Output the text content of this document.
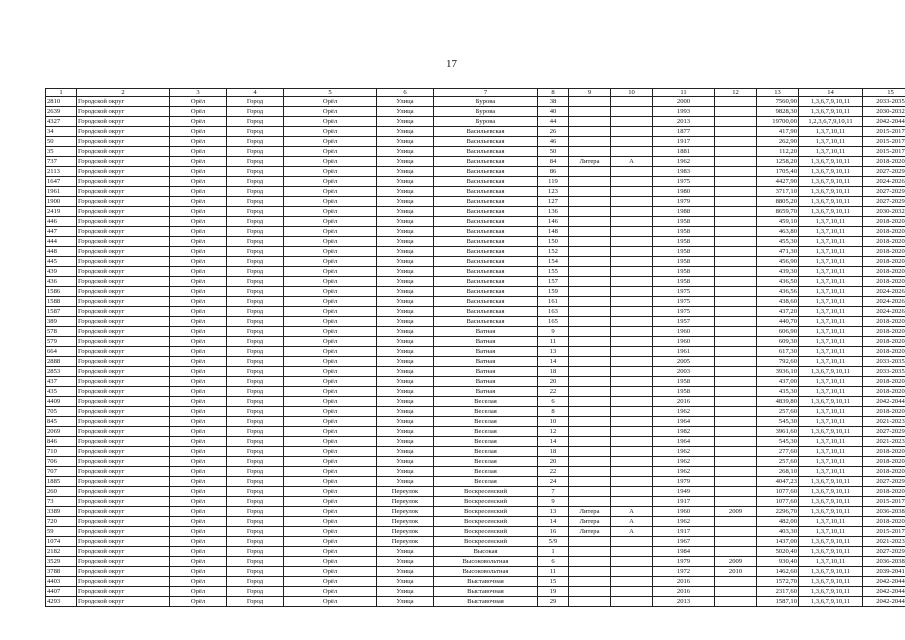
17
1	2	3	4	5	6	7	8	9	10	11	12	13	14	15
2810	Городской округ	Орёл	Город	Орёл	Улица	Бурова	38			2000		7560,90	1,3,6,7,9,10,11	2033-2035
2639	Городской округ	Орёл	Город	Орёл	Улица	Бурова	40			1993		9828,30	1,3,6,7,9,10,11	2030-2032
4327	Городской округ	Орёл	Город	Орёл	Улица	Бурова	44			2013		19700,00	1,2,3,6,7,9,10,11	2042-2044
34	Городской округ	Орёл	Город	Орёл	Улица	Васильевская	26			1877		417,90	1,3,7,10,11	2015-2017
50	Городской округ	Орёл	Город	Орёл	Улица	Васильевская	46			1917		262,90	1,3,7,10,11	2015-2017
35	Городской округ	Орёл	Город	Орёл	Улица	Васильевская	50			1881		112,20	1,3,7,10,11	2015-2017
737	Городской округ	Орёл	Город	Орёл	Улица	Васильевская	84	Литера	А	1962		1258,20	1,3,6,7,9,10,11	2018-2020
2113	Городской округ	Орёл	Город	Орёл	Улица	Васильевская	86			1983		1705,40	1,3,6,7,9,10,11	2027-2029
1647	Городской округ	Орёл	Город	Орёл	Улица	Васильевская	119			1975		4427,90	1,3,6,7,9,10,11	2024-2026
1961	Городской округ	Орёл	Город	Орёл	Улица	Васильевская	123			1980		3717,10	1,3,6,7,9,10,11	2027-2029
1900	Городской округ	Орёл	Город	Орёл	Улица	Васильевская	127			1979		8805,20	1,3,6,7,9,10,11	2027-2029
2419	Городской округ	Орёл	Город	Орёл	Улица	Васильевская	136			1988		8659,70	1,3,6,7,9,10,11	2030-2032
446	Городской округ	Орёл	Город	Орёл	Улица	Васильевская	146			1958		459,10	1,3,7,10,11	2018-2020
447	Городской округ	Орёл	Город	Орёл	Улица	Васильевская	148			1958		463,80	1,3,7,10,11	2018-2020
444	Городской округ	Орёл	Город	Орёл	Улица	Васильевская	150			1958		455,30	1,3,7,10,11	2018-2020
448	Городской округ	Орёл	Город	Орёл	Улица	Васильевская	152			1958		471,30	1,3,7,10,11	2018-2020
445	Городской округ	Орёл	Город	Орёл	Улица	Васильевская	154			1958		456,90	1,3,7,10,11	2018-2020
439	Городской округ	Орёл	Город	Орёл	Улица	Васильевская	155			1958		439,30	1,3,7,10,11	2018-2020
436	Городской округ	Орёл	Город	Орёл	Улица	Васильевская	157			1958		436,50	1,3,7,10,11	2018-2020
1586	Городской округ	Орёл	Город	Орёл	Улица	Васильевская	159			1975		436,56	1,3,7,10,11	2024-2026
1588	Городской округ	Орёл	Город	Орёл	Улица	Васильевская	161			1975		438,60	1,3,7,10,11	2024-2026
1587	Городской округ	Орёл	Город	Орёл	Улица	Васильевская	163			1975		437,20	1,3,7,10,11	2024-2026
389	Городской округ	Орёл	Город	Орёл	Улица	Васильевская	165			1957		440,70	1,3,7,10,11	2018-2020
578	Городской округ	Орёл	Город	Орёл	Улица	Ватная	9			1960		606,90	1,3,7,10,11	2018-2020
579	Городской округ	Орёл	Город	Орёл	Улица	Ватная	11			1960		609,30	1,3,7,10,11	2018-2020
664	Городской округ	Орёл	Город	Орёл	Улица	Ватная	13			1961		617,30	1,3,7,10,11	2018-2020
2888	Городской округ	Орёл	Город	Орёл	Улица	Ватная	14			2005		792,60	1,3,7,10,11	2033-2035
2853	Городской округ	Орёл	Город	Орёл	Улица	Ватная	18			2003		3936,10	1,3,6,7,9,10,11	2033-2035
437	Городской округ	Орёл	Город	Орёл	Улица	Ватная	20			1958		437,00	1,3,7,10,11	2018-2020
435	Городской округ	Орёл	Город	Орёл	Улица	Ватная	22			1958		435,30	1,3,7,10,11	2018-2020
4409	Городской округ	Орёл	Город	Орёл	Улица	Веселая	6			2016		4839,80	1,3,6,7,9,10,11	2042-2044
705	Городской округ	Орёл	Город	Орёл	Улица	Веселая	8			1962		257,60	1,3,7,10,11	2018-2020
845	Городской округ	Орёл	Город	Орёл	Улица	Веселая	10			1964		545,30	1,3,7,10,11	2021-2023
2069	Городской округ	Орёл	Город	Орёл	Улица	Веселая	12			1982		3961,60	1,3,6,7,9,10,11	2027-2029
846	Городской округ	Орёл	Город	Орёл	Улица	Веселая	14			1964		545,30	1,3,7,10,11	2021-2023
710	Городской округ	Орёл	Город	Орёл	Улица	Веселая	18			1962		277,60	1,3,7,10,11	2018-2020
706	Городской округ	Орёл	Город	Орёл	Улица	Веселая	20			1962		257,60	1,3,7,10,11	2018-2020
707	Городской округ	Орёл	Город	Орёл	Улица	Веселая	22			1962		268,10	1,3,7,10,11	2018-2020
1885	Городской округ	Орёл	Город	Орёл	Улица	Веселая	24			1979		4047,23	1,3,6,7,9,10,11	2027-2029
260	Городской округ	Орёл	Город	Орёл	Переулок	Воскресенский	7			1949		1077,60	1,3,6,7,9,10,11	2018-2020
73	Городской округ	Орёл	Город	Орёл	Переулок	Воскресенский	9			1917		1077,60	1,3,6,7,9,10,11	2015-2017
3389	Городской округ	Орёл	Город	Орёл	Переулок	Воскресенский	13	Литера	А	1960	2009	2296,70	1,3,6,7,9,10,11	2036-2038
720	Городской округ	Орёл	Город	Орёл	Переулок	Воскресенский	14	Литера	А	1962		482,00	1,3,7,10,11	2018-2020
59	Городской округ	Орёл	Город	Орёл	Переулок	Воскресенский	16	Литера	А	1917		403,30	1,3,7,10,11	2015-2017
1074	Городской округ	Орёл	Город	Орёл	Переулок	Воскресенский	5/9			1967		1437,00	1,3,6,7,9,10,11	2021-2023
2182	Городской округ	Орёл	Город	Орёл	Улица	Высокая	1			1984		5020,40	1,3,6,7,9,10,11	2027-2029
3529	Городской округ	Орёл	Город	Орёл	Улица	Высоковольтная	6			1979	2009	930,40	1,3,7,10,11	2036-2038
3788	Городской округ	Орёл	Город	Орёл	Улица	Высоковольтная	11			1972	2010	1462,60	1,3,6,7,9,10,11	2039-2041
4403	Городской округ	Орёл	Город	Орёл	Улица	Выставочная	15			2016		1572,70	1,3,6,7,9,10,11	2042-2044
4407	Городской округ	Орёл	Город	Орёл	Улица	Выставочная	19			2016		2317,60	1,3,6,7,9,10,11	2042-2044
4293	Городской округ	Орёл	Город	Орёл	Улица	Выставочная	29			2013		1587,10	1,3,6,7,9,10,11	2042-2044
